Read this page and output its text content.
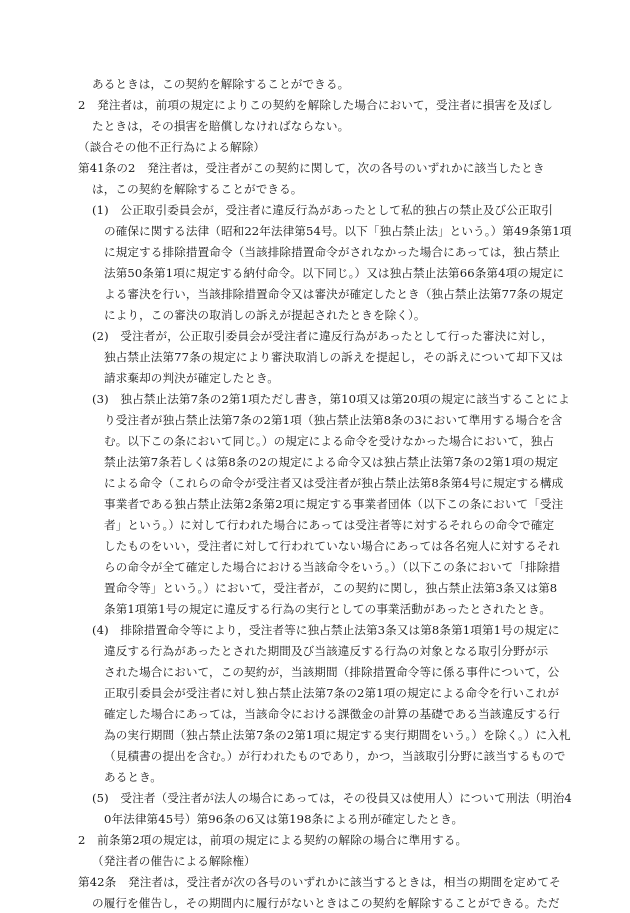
あるときは，この契約を解除することができる。

2　発注者は，前項の規定によりこの契約を解除した場合において，受注者に損害を及ぼし

たときは，その損害を賠償しなければならない。

（談合その他不正行為による解除）

第41条の2　発注者は，受注者がこの契約に関して，次の各号のいずれかに該当したとき

は，この契約を解除することができる。

(1)　公正取引委員会が，受注者に違反行為があったとして私的独占の禁止及び公正取引

の確保に関する法律（昭和22年法律第54号。以下「独占禁止法」という。）第49条第1項

に規定する排除措置命令（当該排除措置命令がされなかった場合にあっては，独占禁止

法第50条第1項に規定する納付命令。以下同じ。）又は独占禁止法第66条第4項の規定に

よる審決を行い，当該排除措置命令又は審決が確定したとき（独占禁止法第77条の規定

により，この審決の取消しの訴えが提起されたときを除く）。

(2)　受注者が，公正取引委員会が受注者に違反行為があったとして行った審決に対し，

独占禁止法第77条の規定により審決取消しの訴えを提起し，その訴えについて却下又は

請求棄却の判決が確定したとき。

(3)　独占禁止法第7条の2第1項ただし書き，第10項又は第20項の規定に該当することによ

り受注者が独占禁止法第7条の2第1項（独占禁止法第8条の3において準用する場合を含

む。以下この条において同じ。）の規定による命令を受けなかった場合において，独占

禁止法第7条若しくは第8条の2の規定による命令又は独占禁止法第7条の2第1項の規定

による命令（これらの命令が受注者又は受注者が独占禁止法第8条第4号に規定する構成

事業者である独占禁止法第2条第2項に規定する事業者団体（以下この条において「受注

者」という。）に対して行われた場合にあっては受注者等に対するそれらの命令で確定

したものをいい，受注者に対して行われていない場合にあっては各名宛人に対するそれ

らの命令が全て確定した場合における当該命令をいう。）（以下この条において「排除措

置命令等」という。）において，受注者が，この契約に関し，独占禁止法第3条又は第8

条第1項第1号の規定に違反する行為の実行としての事業活動があったとされたとき。

(4)　排除措置命令等により，受注者等に独占禁止法第3条又は第8条第1項第1号の規定に

違反する行為があったとされた期間及び当該違反する行為の対象となる取引分野が示

された場合において，この契約が，当該期間（排除措置命令等に係る事件について，公

正取引委員会が受注者に対し独占禁止法第7条の2第1項の規定による命令を行いこれが

確定した場合にあっては，当該命令における課徴金の計算の基礎である当該違反する行

為の実行期間（独占禁止法第7条の2第1項に規定する実行期間をいう。）を除く。）に入札

（見積書の提出を含む。）が行われたものであり，かつ，当該取引分野に該当するもので

あるとき。

(5)　受注者（受注者が法人の場合にあっては，その役員又は使用人）について刑法（明治4

0年法律第45号）第96条の6又は第198条による刑が確定したとき。

2　前条第2項の規定は，前項の規定による契約の解除の場合に準用する。

（発注者の催告による解除権）

第42条　発注者は，受注者が次の各号のいずれかに該当するときは，相当の期間を定めてそ

の履行を催告し，その期間内に履行がないときはこの契約を解除することができる。ただ
